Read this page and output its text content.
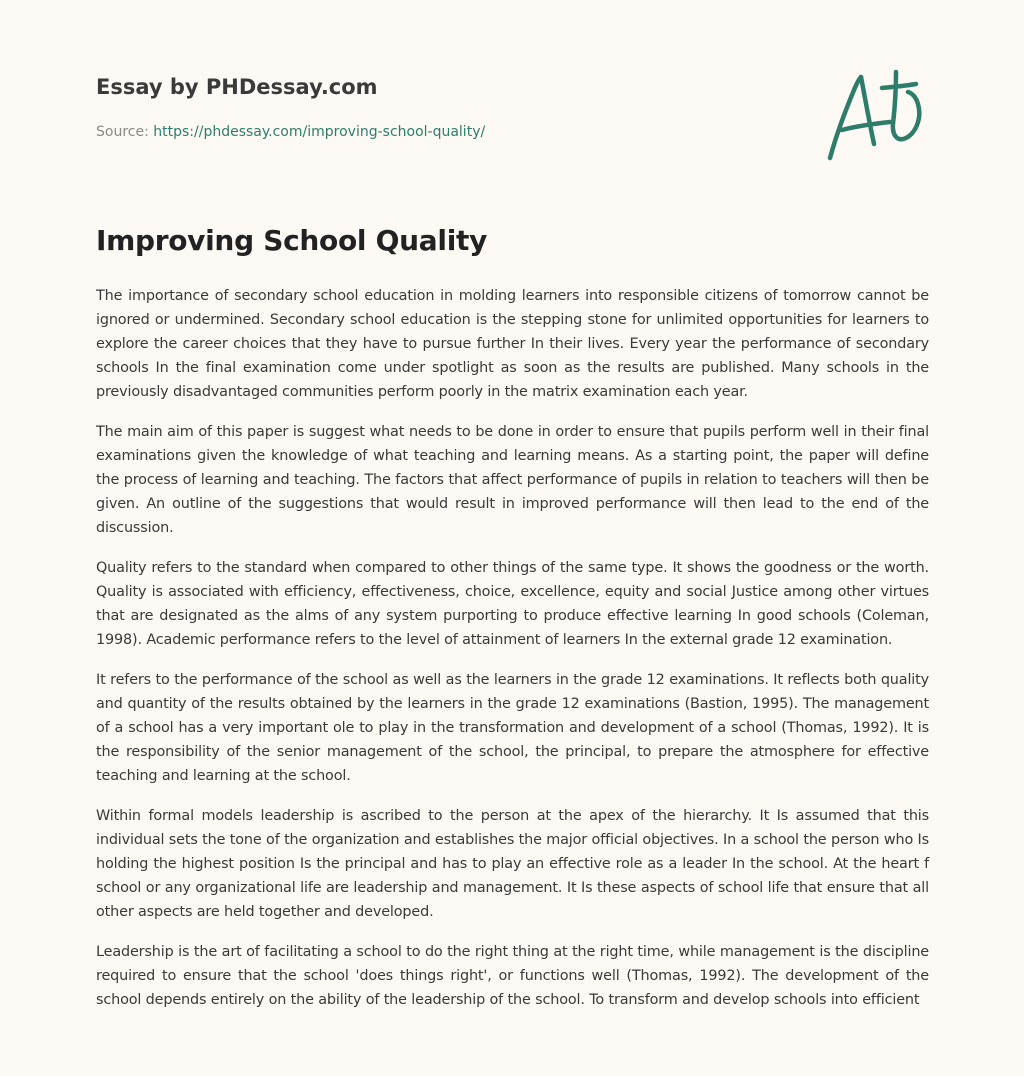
Essay by PHDessay.com
Source: https://phdessay.com/improving-school-quality/
Improving School Quality

The importance of secondary school education in molding learners into responsible citizens of tomorrow cannot be ignored or undermined. Secondary school education is the stepping stone for unlimited opportunities for learners to explore the career choices that they have to pursue further In their lives. Every year the performance of secondary schools In the final examination come under spotlight as soon as the results are published. Many schools in the previously disadvantaged communities perform poorly in the matrix examination each year.

The main aim of this paper is suggest what needs to be done in order to ensure that pupils perform well in their final examinations given the knowledge of what teaching and learning means. As a starting point, the paper will define the process of learning and teaching. The factors that affect performance of pupils in relation to teachers will then be given. An outline of the suggestions that would result in improved performance will then lead to the end of the discussion.

Quality refers to the standard when compared to other things of the same type. It shows the goodness or the worth. Quality is associated with efficiency, effectiveness, choice, excellence, equity and social Justice among other virtues that are designated as the alms of any system purporting to produce effective learning In good schools (Coleman, 1998). Academic performance refers to the level of attainment of learners In the external grade 12 examination.

It refers to the performance of the school as well as the learners in the grade 12 examinations. It reflects both quality and quantity of the results obtained by the learners in the grade 12 examinations (Bastion, 1995). The management of a school has a very important ole to play in the transformation and development of a school (Thomas, 1992). It is the responsibility of the senior management of the school, the principal, to prepare the atmosphere for effective teaching and learning at the school.

Within formal models leadership is ascribed to the person at the apex of the hierarchy. It Is assumed that this individual sets the tone of the organization and establishes the major official objectives. In a school the person who Is holding the highest position Is the principal and has to play an effective role as a leader In the school. At the heart f school or any organizational life are leadership and management. It Is these aspects of school life that ensure that all other aspects are held together and developed.

Leadership is the art of facilitating a school to do the right thing at the right time, while management is the discipline required to ensure that the school 'does things right', or functions well (Thomas, 1992). The development of the school depends entirely on the ability of the leadership of the school. To transform and develop schools into efficient
